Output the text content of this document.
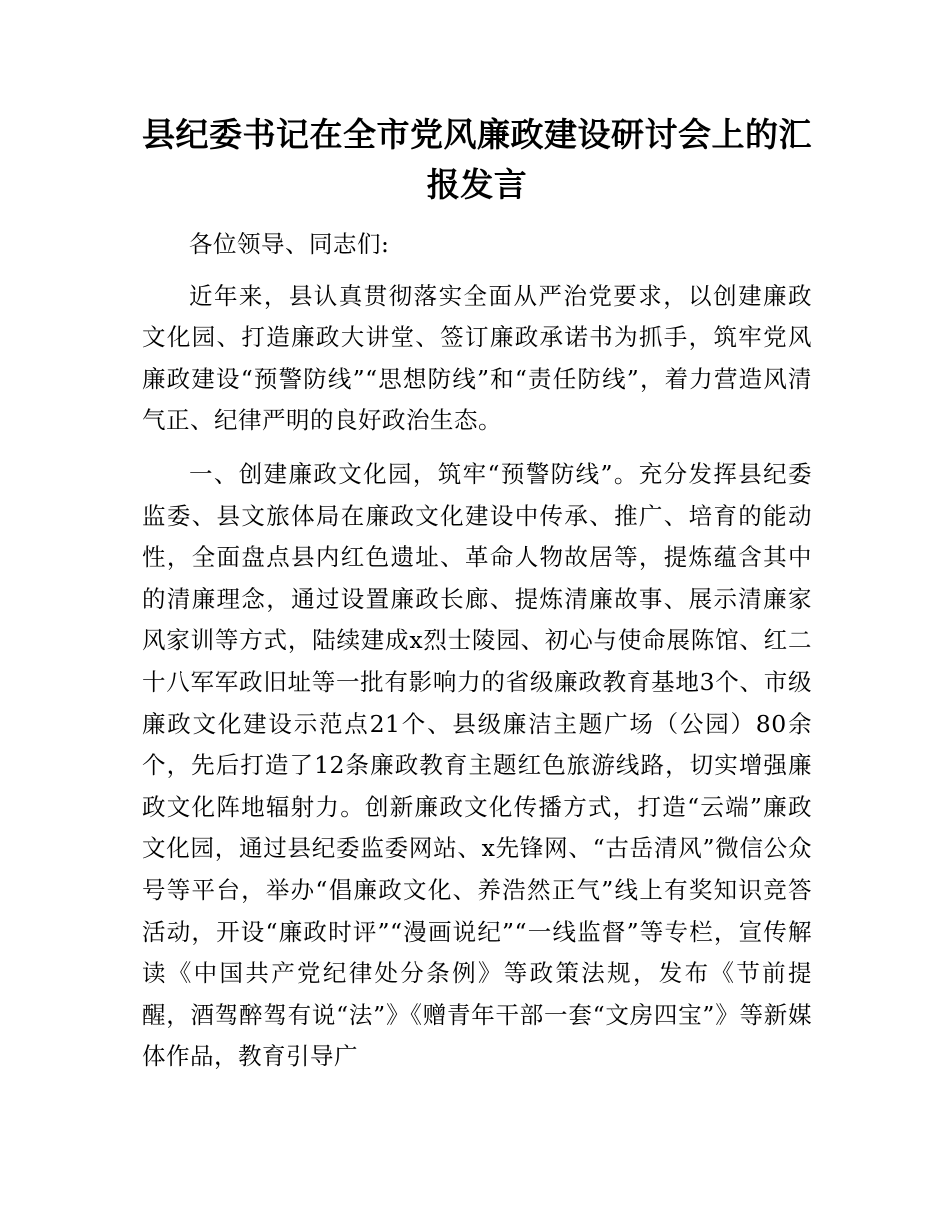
县纪委书记在全市党风廉政建设研讨会上的汇报发言

各位领导、同志们:

近年来，县认真贯彻落实全面从严治党要求，以创建廉政文化园、打造廉政大讲堂、签订廉政承诺书为抓手，筑牢党风廉政建设“预警防线”“思想防线”和“责任防线”，着力营造风清气正、纪律严明的良好政治生态。

一、创建廉政文化园，筑牢“预警防线”。充分发挥县纪委监委、县文旅体局在廉政文化建设中传承、推广、培育的能动性，全面盘点县内红色遗址、革命人物故居等，提炼蕴含其中的清廉理念，通过设置廉政长廊、提炼清廉故事、展示清廉家风家训等方式，陆续建成x烈士陵园、初心与使命展陈馆、红二十八军军政旧址等一批有影响力的省级廉政教育基地3个、市级廉政文化建设示范点21个、县级廉洁主题广场（公园）80余个，先后打造了12条廉政教育主题红色旅游线路，切实增强廉政文化阵地辐射力。创新廉政文化传播方式，打造“云端”廉政文化园，通过县纪委监委网站、x先锋网、“古岳清风”微信公众号等平台，举办“倡廉政文化、养浩然正气”线上有奖知识竞答活动，开设“廉政时评”“漫画说纪”“一线监督”等专栏，宣传解读《中国共产党纪律处分条例》等政策法规，发布《节前提醒，酒驾醉驾有说“法”》《赠青年干部一套“文房四宝”》等新媒体作品，教育引导广
